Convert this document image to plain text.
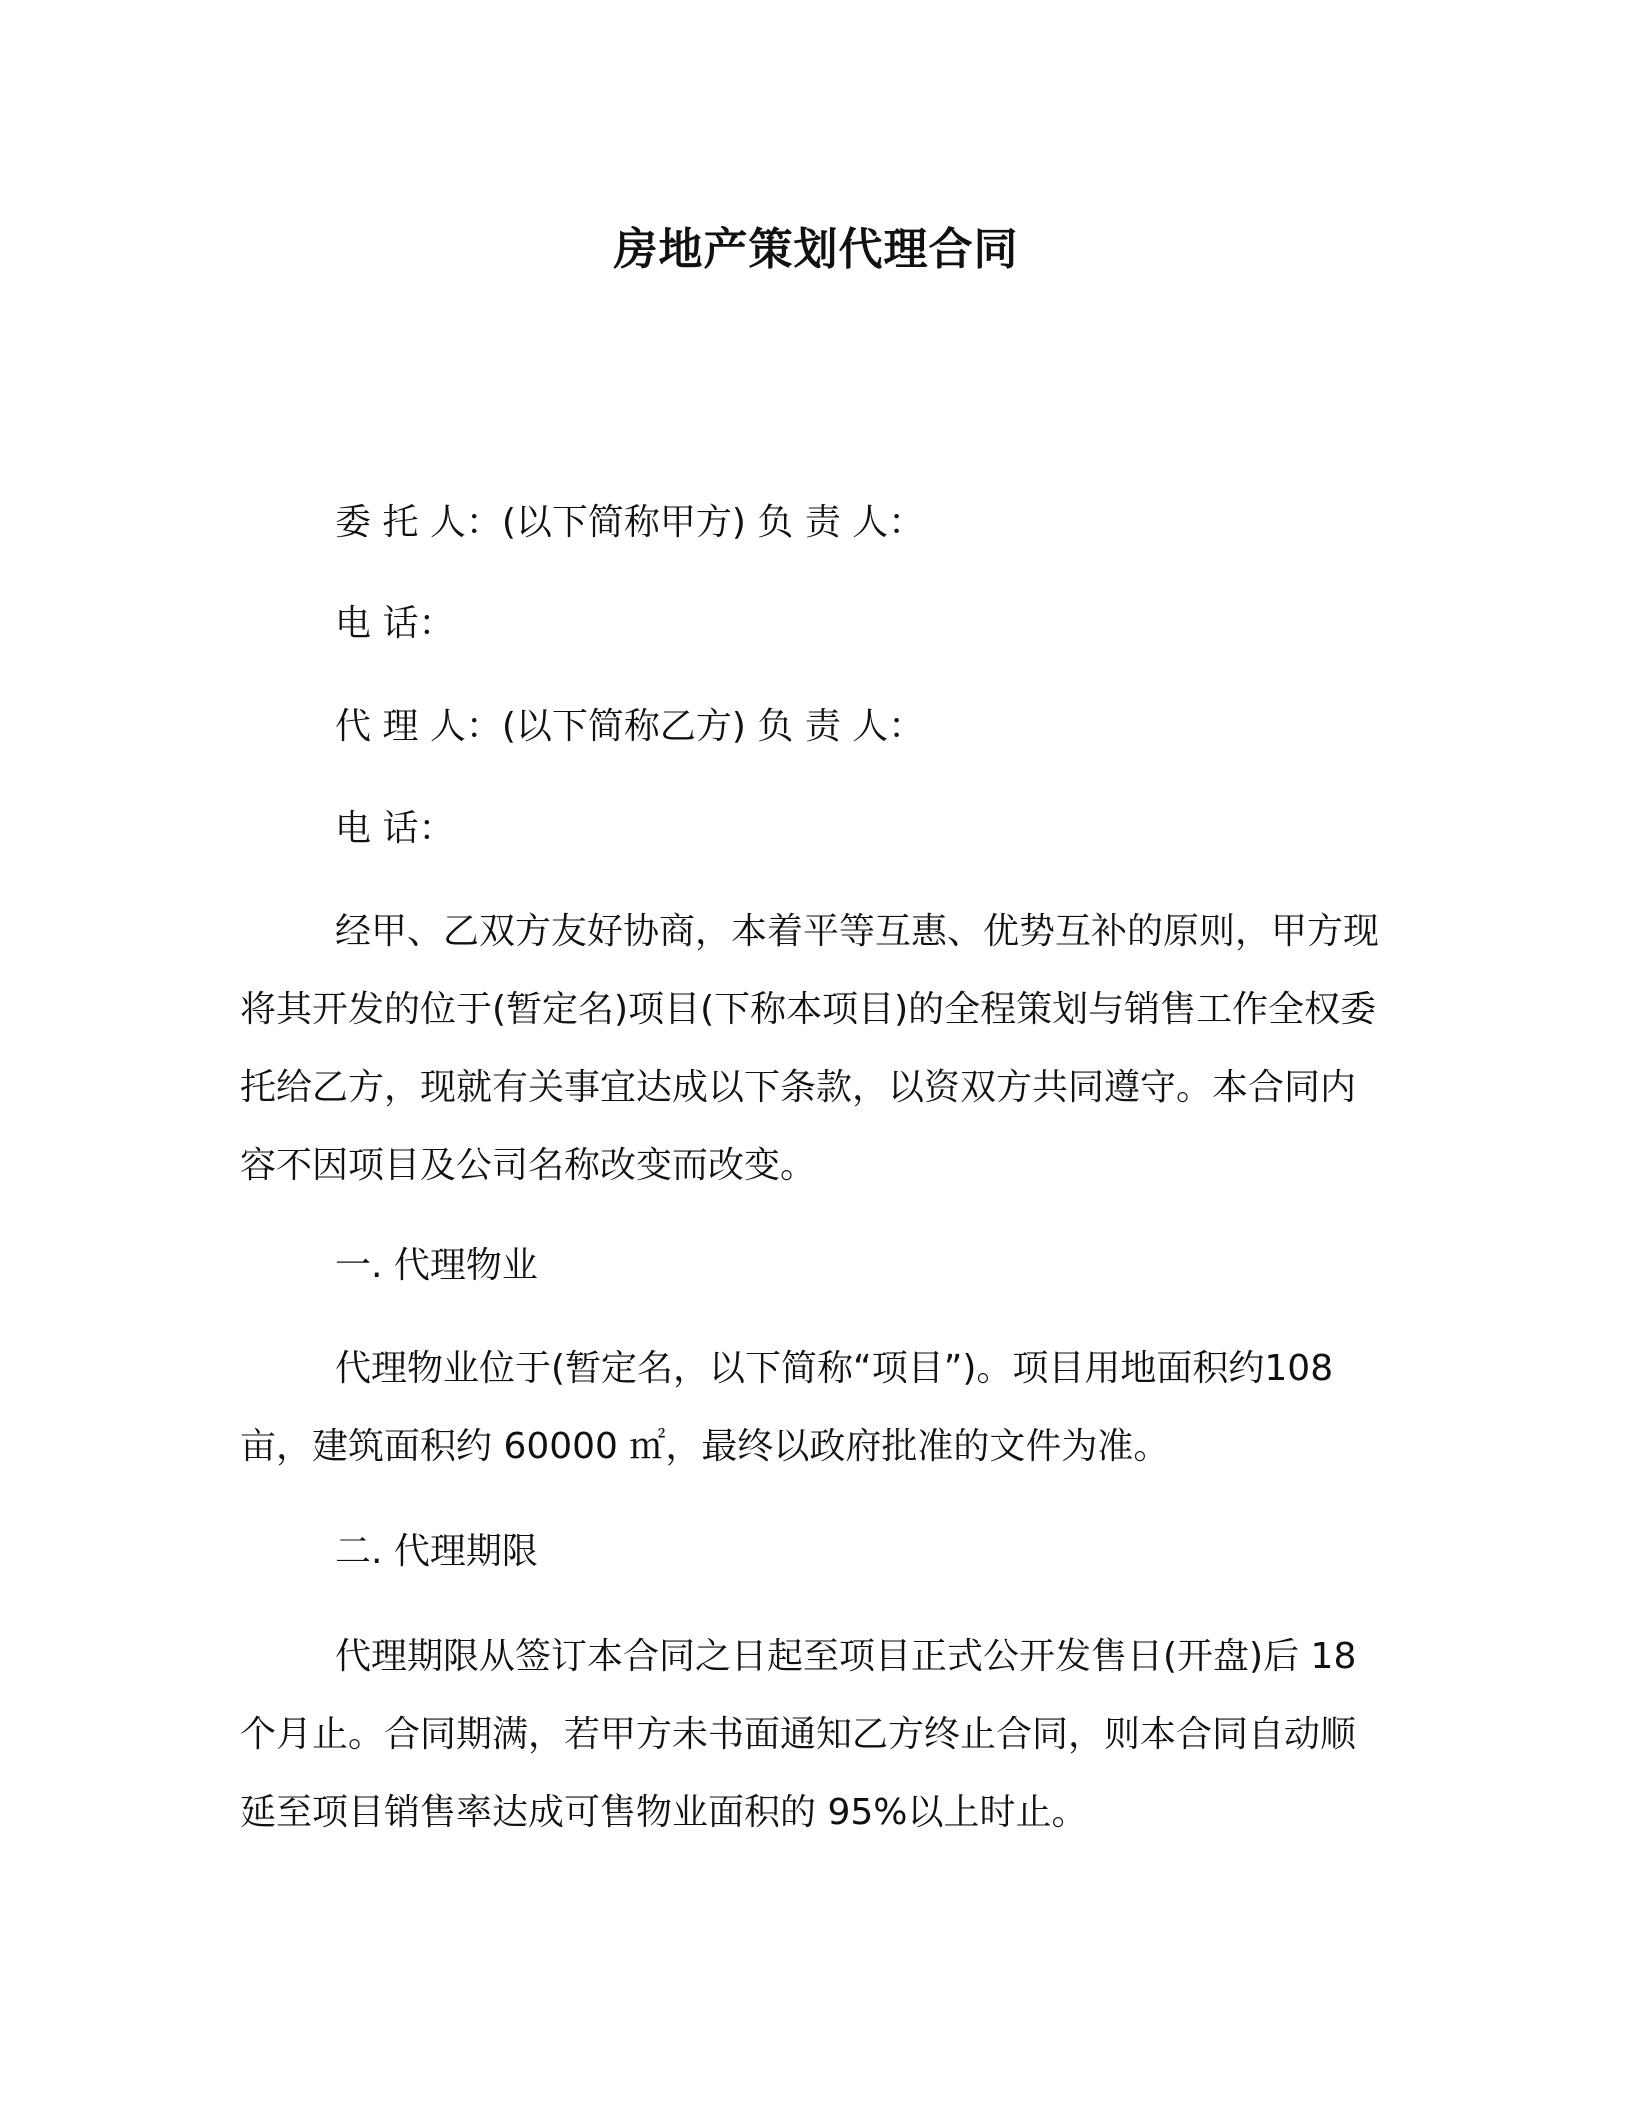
房地产策划代理合同
委 托 人：(以下简称甲方) 负 责 人：
电 话：
代 理 人：(以下简称乙方) 负 责 人：
电 话：
经甲、乙双方友好协商，本着平等互惠、优势互补的原则，甲方现将其开发的位于(暂定名)项目(下称本项目)的全程策划与销售工作全权委托给乙方，现就有关事宜达成以下条款，以资双方共同遵守。本合同内容不因项目及公司名称改变而改变。
一. 代理物业
代理物业位于(暂定名，以下简称“项目”)。项目用地面积约108 亩，建筑面积约 60000 ㎡，最终以政府批准的文件为准。
二. 代理期限
代理期限从签订本合同之日起至项目正式公开发售日(开盘)后 18个月止。合同期满，若甲方未书面通知乙方终止合同，则本合同自动顺延至项目销售率达成可售物业面积的 95%以上时止。
